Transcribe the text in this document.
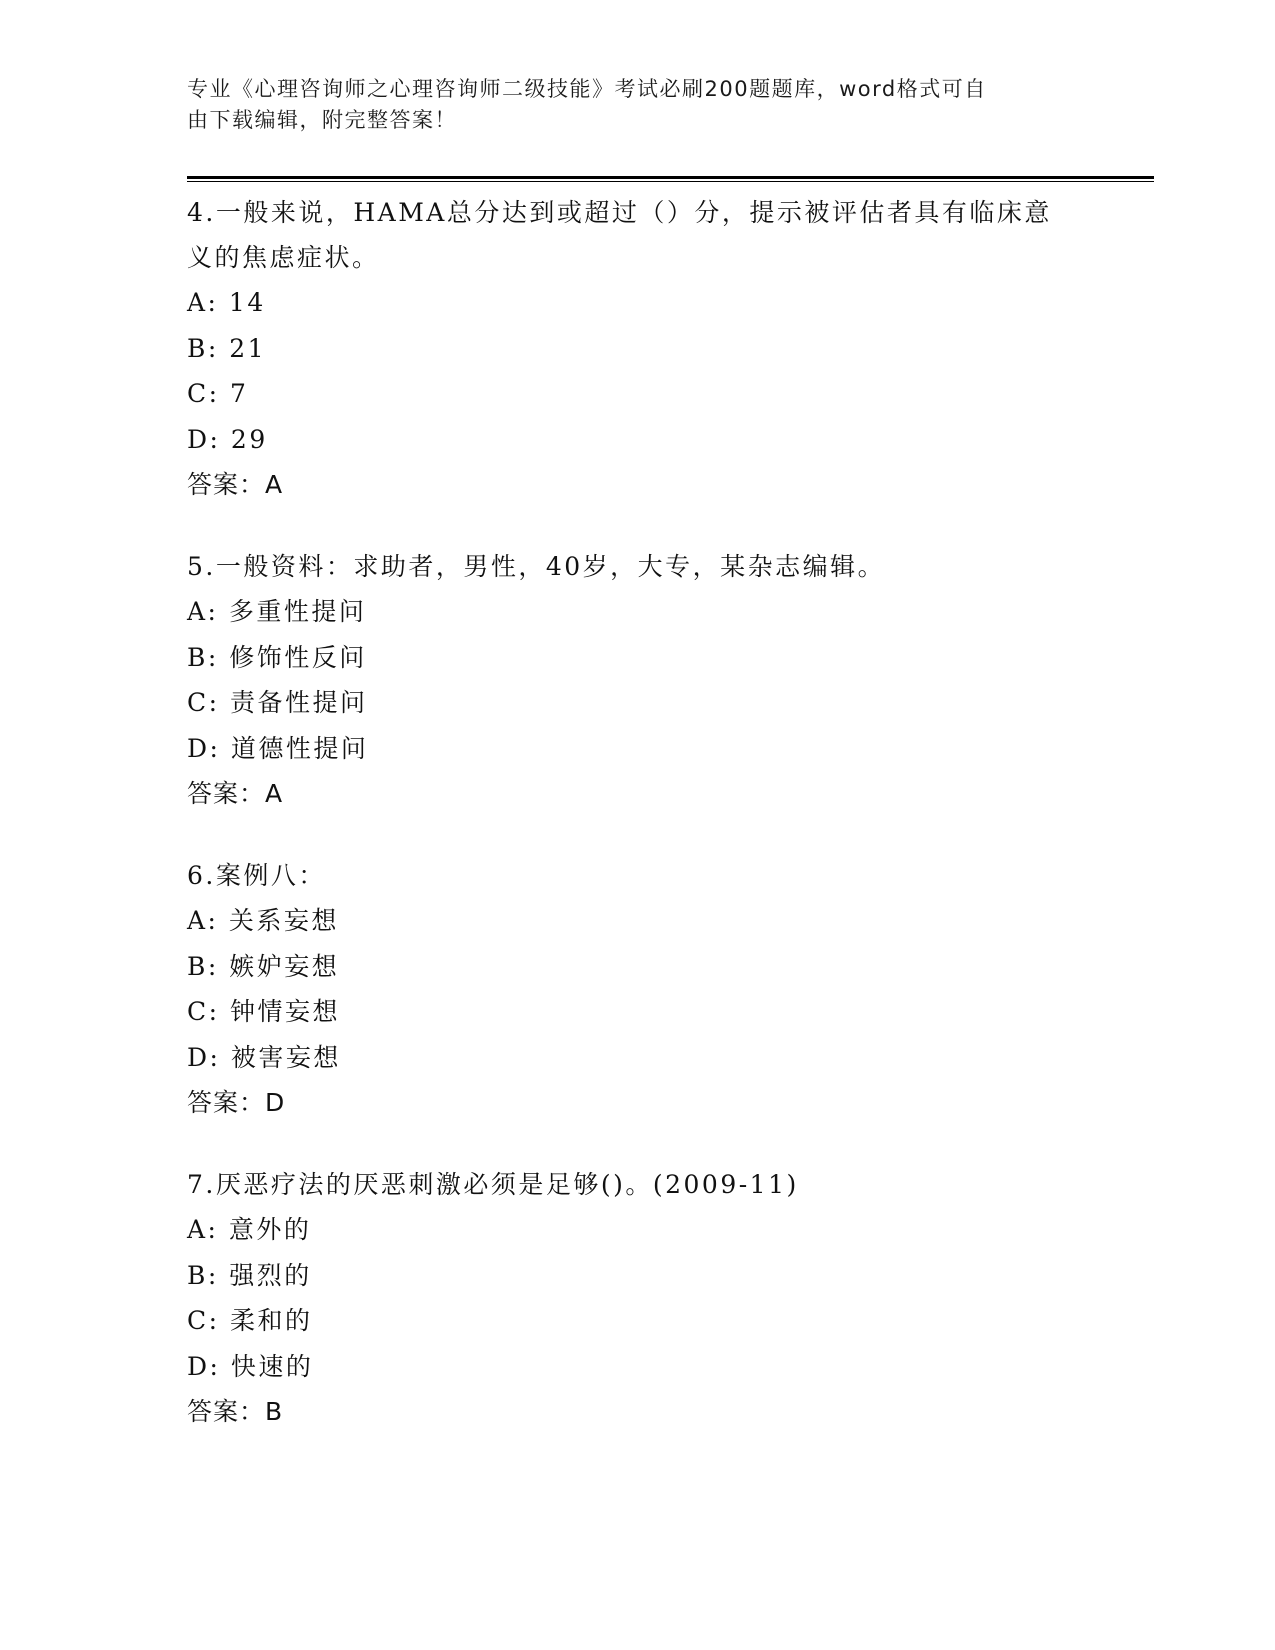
专业《心理咨询师之心理咨询师二级技能》考试必刷200题题库，word格式可自
由下载编辑，附完整答案！
4.一般来说，HAMA总分达到或超过（）分，提示被评估者具有临床意
义的焦虑症状。
A: 14
B: 21
C: 7
D: 29
答案：A
5.一般资料：求助者，男性，40岁，大专，某杂志编辑。
A: 多重性提问
B: 修饰性反问
C: 责备性提问
D: 道德性提问
答案：A
6.案例八：
A: 关系妄想
B: 嫉妒妄想
C: 钟情妄想
D: 被害妄想
答案：D
7.厌恶疗法的厌恶刺激必须是足够()。(2009-11)
A: 意外的
B: 强烈的
C: 柔和的
D: 快速的
答案：B
